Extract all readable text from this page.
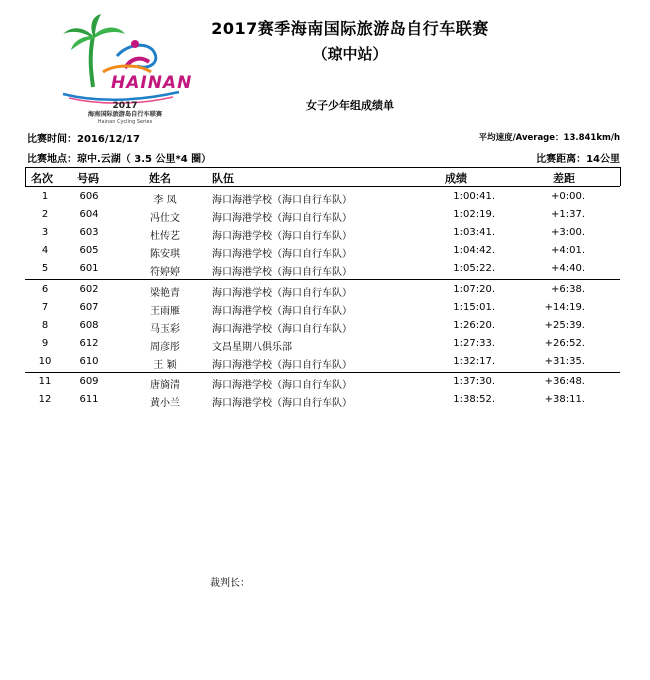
HAINAN
2017
海南国际旅游岛自行车联赛
Hainan Cycling Series
2017赛季海南国际旅游岛自行车联赛
（琼中站）
女子少年组成绩单
比赛时间：2016/12/17	平均速度/Average：13.841km/h
比赛地点：琼中.云湖（ 3.5 公里*4 圈）	比赛距离：14公里
名次 号码	姓名	队伍	成绩	差距
1	606	李 凤	海口海港学校（海口自行车队）	1:00:41.	+0:00.
2	604	冯仕文	海口海港学校（海口自行车队）	1:02:19.	+1:37.
3	603	杜传艺	海口海港学校（海口自行车队）	1:03:41.	+3:00.
4	605	陈安琪	海口海港学校（海口自行车队）	1:04:42.	+4:01.
5	601	符婷婷	海口海港学校（海口自行车队）	1:05:22.	+4:40.
6	602	梁艳青	海口海港学校（海口自行车队）	1:07:20.	+6:38.
7	607	王雨雁	海口海港学校（海口自行车队）	1:15:01.	+14:19.
8	608	马玉彩	海口海港学校（海口自行车队）	1:26:20.	+25:39.
9	612	周彦彤	文昌星期八俱乐部	1:27:33.	+26:52.
10	610	王 颖	海口海港学校（海口自行车队）	1:32:17.	+31:35.
11	609	唐旖清	海口海港学校（海口自行车队）	1:37:30.	+36:48.
12	611	黄小兰	海口海港学校（海口自行车队）	1:38:52.	+38:11.
裁判长：
